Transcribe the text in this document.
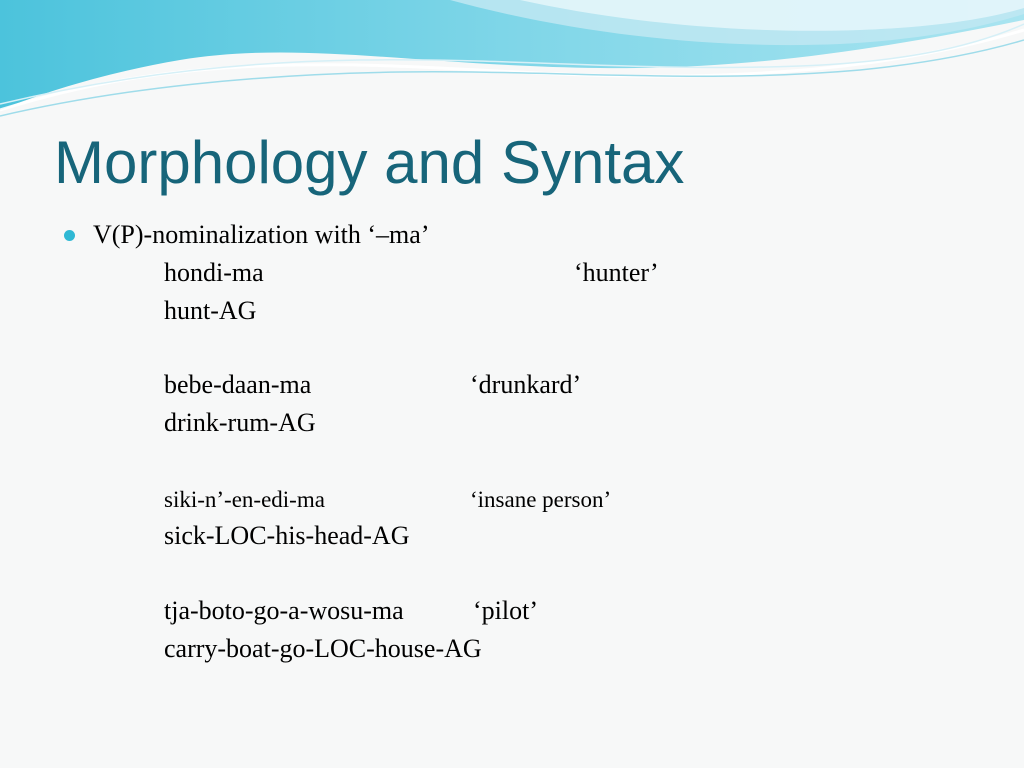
Morphology and Syntax
V(P)-nominalization with ‘–ma’
hondi-ma	‘hunter’
hunt-AG
bebe-daan-ma	‘drunkard’
drink-rum-AG
siki-n’-en-edi-ma	‘insane person’
sick-LOC-his-head-AG
tja-boto-go-a-wosu-ma	‘pilot’
carry-boat-go-LOC-house-AG
